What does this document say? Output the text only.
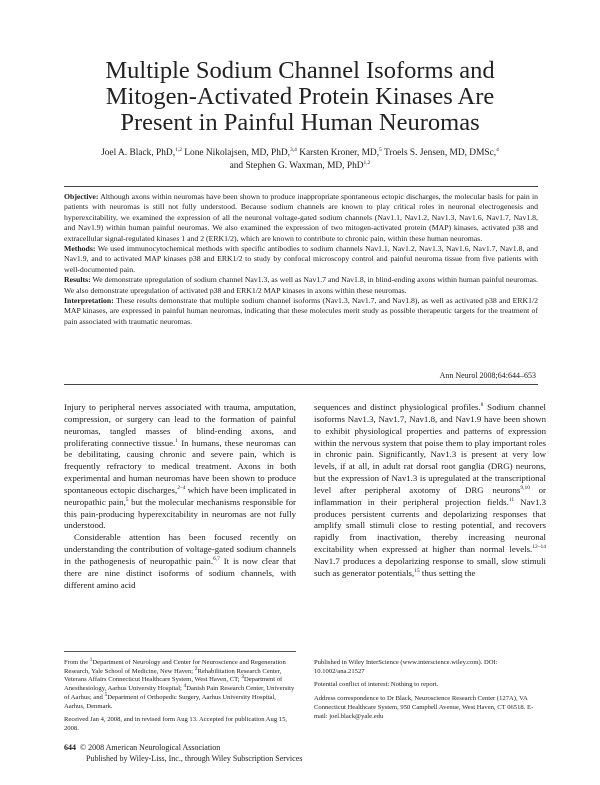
Multiple Sodium Channel Isoforms and
Mitogen-Activated Protein Kinases Are
Present in Painful Human Neuromas
Joel A. Black, PhD,$^{1,2}$ Lone Nikolajsen, MD, PhD,$^{3,4}$ Karsten Kroner, MD,$^5$ Troels S. Jensen, MD, DMSc,$^4$
and Stephen G. Waxman, MD, PhD$^{1,2}$

Objective: Although axons within neuromas have been shown to produce inappropriate spontaneous ectopic discharges, the molecular basis for pain in patients with neuromas is still not fully understood. Because sodium channels are known to play critical roles in neuronal electrogenesis and hyperexcitability, we examined the expression of all the neuronal voltage-gated sodium channels (Nav1.1, Nav1.2, Nav1.3, Nav1.6, Nav1.7, Nav1.8, and Nav1.9) within human painful neuromas. We also examined the expression of two mitogen-activated protein (MAP) kinases, activated p38 and extracellular signal-regulated kinases 1 and 2 (ERK1/2), which are known to contribute to chronic pain, within these human neuromas.

Methods: We used immunocytochemical methods with specific antibodies to sodium channels Nav1.1, Nav1.2, Nav1.3, Nav1.6, Nav1.7, Nav1.8, and Nav1.9, and to activated MAP kinases p38 and ERK1/2 to study by confocal microscopy control and painful neuroma tissue from five patients with well-documented pain.

Results: We demonstrate upregulation of sodium channel Nav1.3, as well as Nav1.7 and Nav1.8, in blind-ending axons within human painful neuromas. We also demonstrate upregulation of activated p38 and ERK1/2 MAP kinases in axons within these neuromas.

Interpretation: These results demonstrate that multiple sodium channel isoforms (Nav1.3, Nav1.7, and Nav1.8), as well as activated p38 and ERK1/2 MAP kinases, are expressed in painful human neuromas, indicating that these molecules merit study as possible therapeutic targets for the treatment of pain associated with traumatic neuromas.

Ann Neurol 2008;64:644–653

Injury to peripheral nerves associated with trauma, amputation, compression, or surgery can lead to the formation of painful neuromas, tangled masses of blind-ending axons, and proliferating connective tissue.$^1$ In humans, these neuromas can be debilitating, causing chronic and severe pain, which is frequently refractory to medical treatment. Axons in both experimental and human neuromas have been shown to produce spontaneous ectopic discharges,$^{2-4}$ which have been implicated in neuropathic pain,$^5$ but the molecular mechanisms responsible for this pain-producing hyperexcitability in neuromas are not fully understood.

Considerable attention has been focused recently on understanding the contribution of voltage-gated sodium channels in the pathogenesis of neuropathic pain.$^{6,7}$ It is now clear that there are nine distinct isoforms of sodium channels, with different amino acid

sequences and distinct physiological profiles.$^8$ Sodium channel isoforms Nav1.3, Nav1.7, Nav1.8, and Nav1.9 have been shown to exhibit physiological properties and patterns of expression within the nervous system that poise them to play important roles in chronic pain. Significantly, Nav1.3 is present at very low levels, if at all, in adult rat dorsal root ganglia (DRG) neurons, but the expression of Nav1.3 is upregulated at the transcriptional level after peripheral axotomy of DRG neurons$^{9,10}$ or inflammation in their peripheral projection fields.$^{11}$ Nav1.3 produces persistent currents and depolarizing responses that amplify small stimuli close to resting potential, and recovers rapidly from inactivation, thereby increasing neuronal excitability when expressed at higher than normal levels.$^{12-14}$ Nav1.7 produces a depolarizing response to small, slow stimuli such as generator potentials,$^{15}$ thus setting the

From the $^1$Department of Neurology and Center for Neuroscience and Regeneration Research, Yale School of Medicine, New Haven; $^2$Rehabilitation Research Center, Veterans Affairs Connecticut Healthcare System, West Haven, CT; $^3$Department of Anesthesiology, Aarhus University Hospital; $^4$Danish Pain Research Center, University of Aarhus; and $^5$Department of Orthopedic Surgery, Aarhus University Hospital, Aarhus, Denmark.

Received Jan 4, 2008, and in revised form Aug 13. Accepted for publication Aug 15, 2008.

Published in Wiley InterScience (www.interscience.wiley.com). DOI: 10.1002/ana.21527

Potential conflict of interest: Nothing to report.

Address correspondence to Dr Black, Neuroscience Research Center (127A), VA Connecticut Healthcare System, 950 Campbell Avenue, West Haven, CT 06518. E-mail: joel.black@yale.edu

644 © 2008 American Neurological Association
Published by Wiley-Liss, Inc., through Wiley Subscription Services
